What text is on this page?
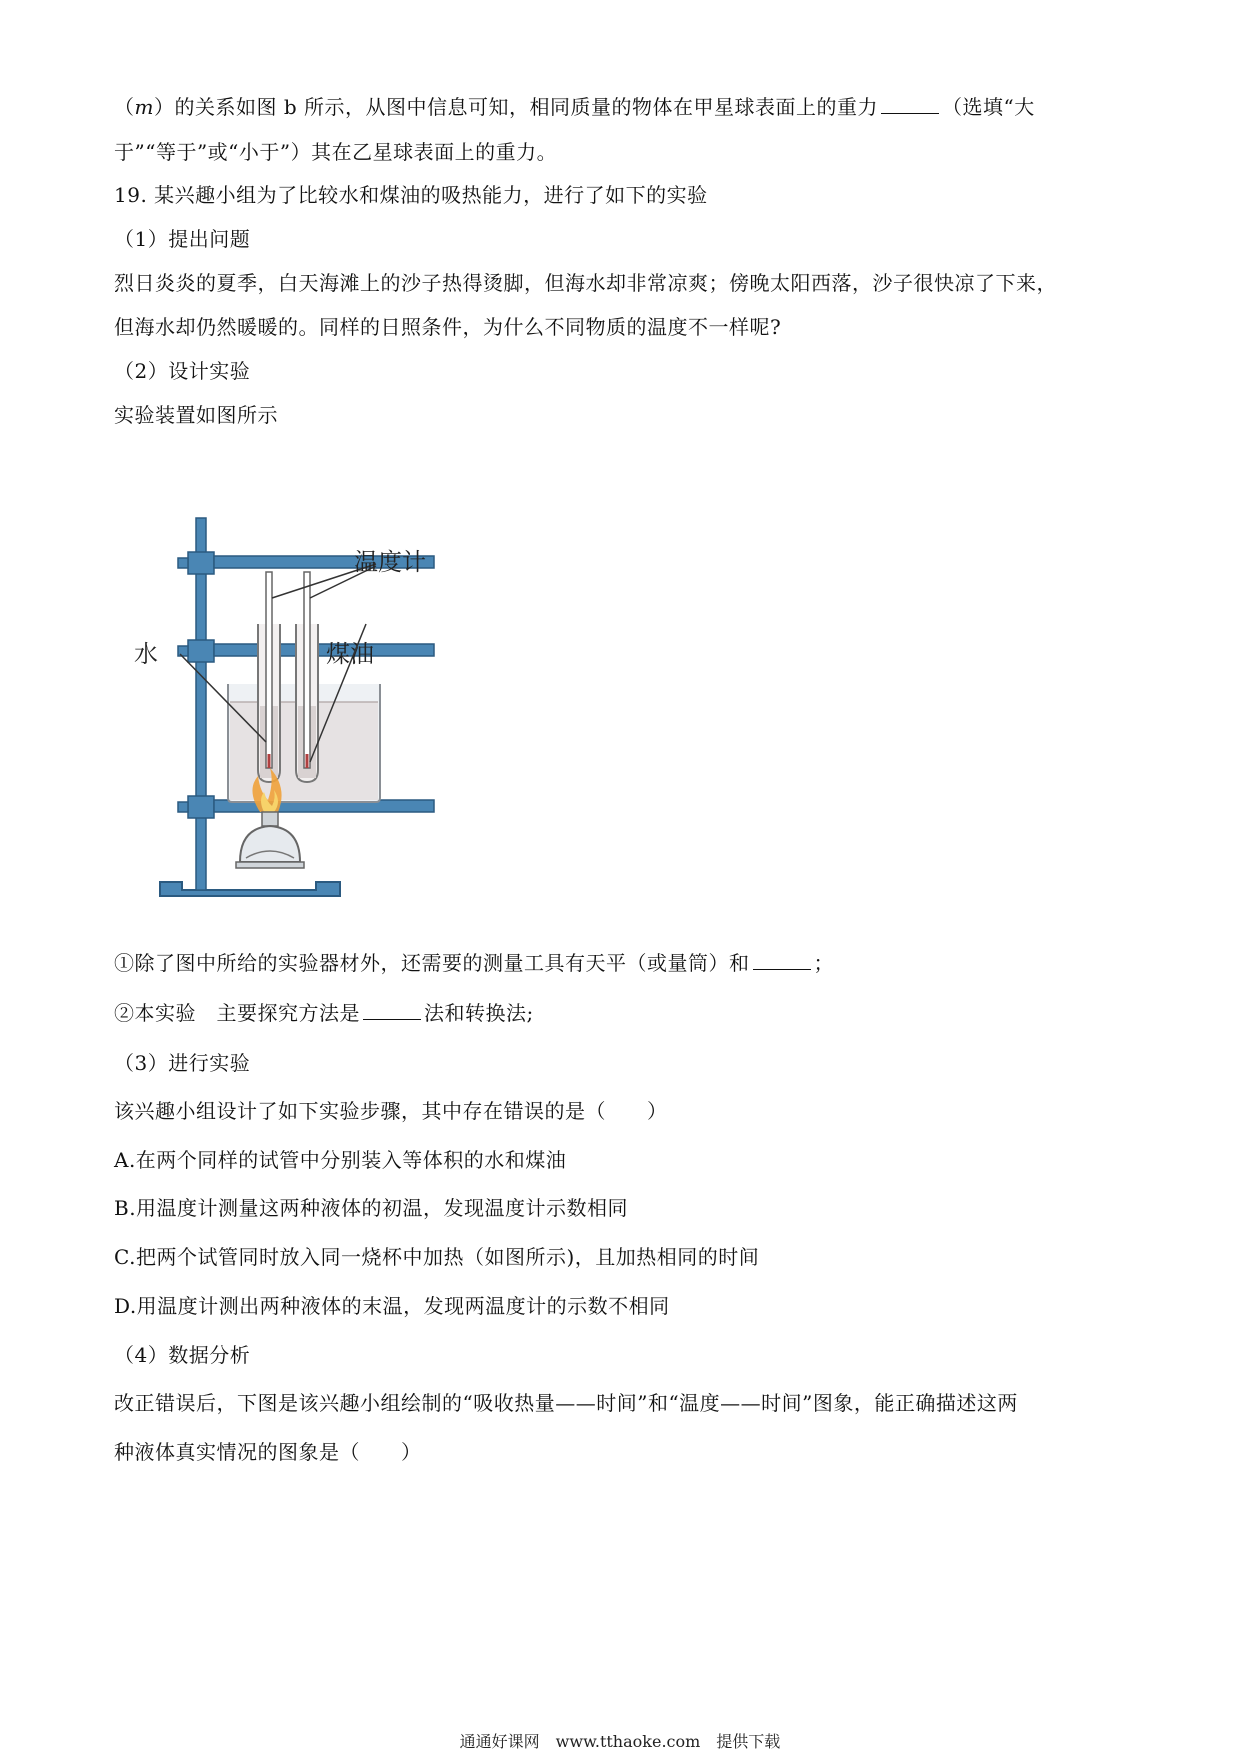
（m）的关系如图 b 所示，从图中信息可知，相同质量的物体在甲星球表面上的重力	（选填“大
于”“等于”或“小于”）其在乙星球表面上的重力。
19. 某兴趣小组为了比较水和煤油的吸热能力，进行了如下的实验
（1）提出问题
烈日炎炎的夏季，白天海滩上的沙子热得烫脚，但海水却非常凉爽；傍晚太阳西落，沙子很快凉了下来，
但海水却仍然暖暖的。同样的日照条件，为什么不同物质的温度不一样呢?
（2）设计实验
实验装置如图所示
温度计
煤油
水
①除了图中所给的实验器材外，还需要的测量工具有天平（或量筒）和	；
②本实验　主要探究方法是	法和转换法;
（3）进行实验
该兴趣小组设计了如下实验步骤，其中存在错误的是（　　）
A.在两个同样的试管中分别装入等体积的水和煤油
B.用温度计测量这两种液体的初温，发现温度计示数相同
C.把两个试管同时放入同一烧杯中加热（如图所示)，且加热相同的时间
D.用温度计测出两种液体的末温，发现两温度计的示数不相同
（4）数据分析
改正错误后，下图是该兴趣小组绘制的“吸收热量——时间”和“温度——时间”图象，能正确描述这两
种液体真实情况的图象是（　　）
通通好课网　www.tthaoke.com　提供下载
